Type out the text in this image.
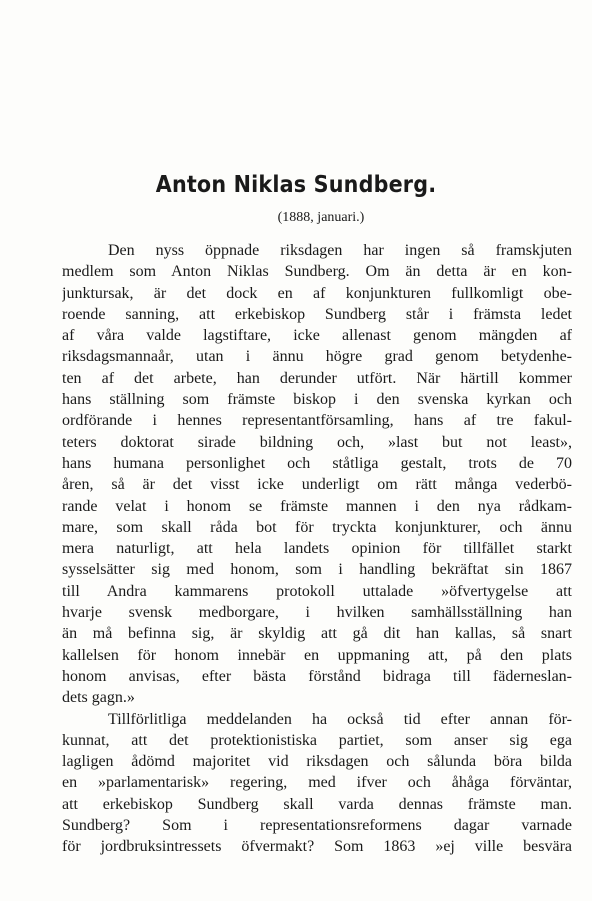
Anton Niklas Sundberg.
(1888, januari.)
Den nyss öppnade riksdagen har ingen så framskjuten
medlem som Anton Niklas Sundberg. Om än detta är en kon-
junktursak, är det dock en af konjunkturen fullkomligt obe-
roende sanning, att erkebiskop Sundberg står i främsta ledet
af våra valde lagstiftare, icke allenast genom mängden af
riksdagsmannaår, utan i ännu högre grad genom betydenhe-
ten af det arbete, han derunder utfört. När härtill kommer
hans ställning som främste biskop i den svenska kyrkan och
ordförande i hennes representantförsamling, hans af tre fakul-
teters doktorat sirade bildning och, »last but not least»,
hans humana personlighet och ståtliga gestalt, trots de 70
åren, så är det visst icke underligt om rätt många vederbö-
rande velat i honom se främste mannen i den nya rådkam-
mare, som skall råda bot för tryckta konjunkturer, och ännu
mera naturligt, att hela landets opinion för tillfället starkt
sysselsätter sig med honom, som i handling bekräftat sin 1867
till Andra kammarens protokoll uttalade »öfvertygelse att
hvarje svensk medborgare, i hvilken samhällsställning han
än må befinna sig, är skyldig att gå dit han kallas, så snart
kallelsen för honom innebär en uppmaning att, på den plats
honom anvisas, efter bästa förstånd bidraga till fäderneslan-
dets gagn.»
Tillförlitliga meddelanden ha också tid efter annan för-
kunnat, att det protektionistiska partiet, som anser sig ega
lagligen ådömd majoritet vid riksdagen och sålunda böra bilda
en »parlamentarisk» regering, med ifver och åhåga förväntar,
att erkebiskop Sundberg skall varda dennas främste man.
Sundberg? Som i representationsreformens dagar varnade
för jordbruksintressets öfvermakt? Som 1863 »ej ville besvära
